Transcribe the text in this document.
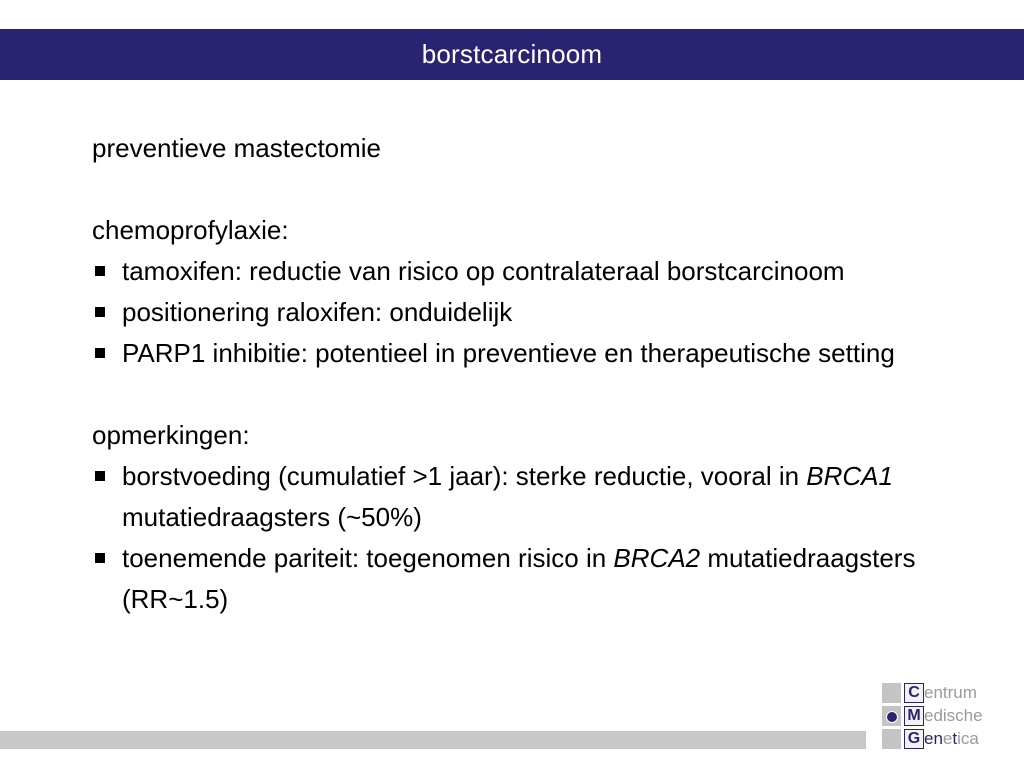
borstcarcinoom

preventieve mastectomie

chemoprofylaxie:

tamoxifen: reductie van risico op contralateraal borstcarcinoom
positionering raloxifen: onduidelijk
PARP1 inhibitie: potentieel in preventieve en therapeutische setting

opmerkingen:

borstvoeding (cumulatief >1 jaar): sterke reductie, vooral in BRCA1 mutatiedraagsters (~50%)
toenemende pariteit: toegenomen risico in BRCA2 mutatiedraagsters (RR~1.5)
C entrum
M edische
G enetica
